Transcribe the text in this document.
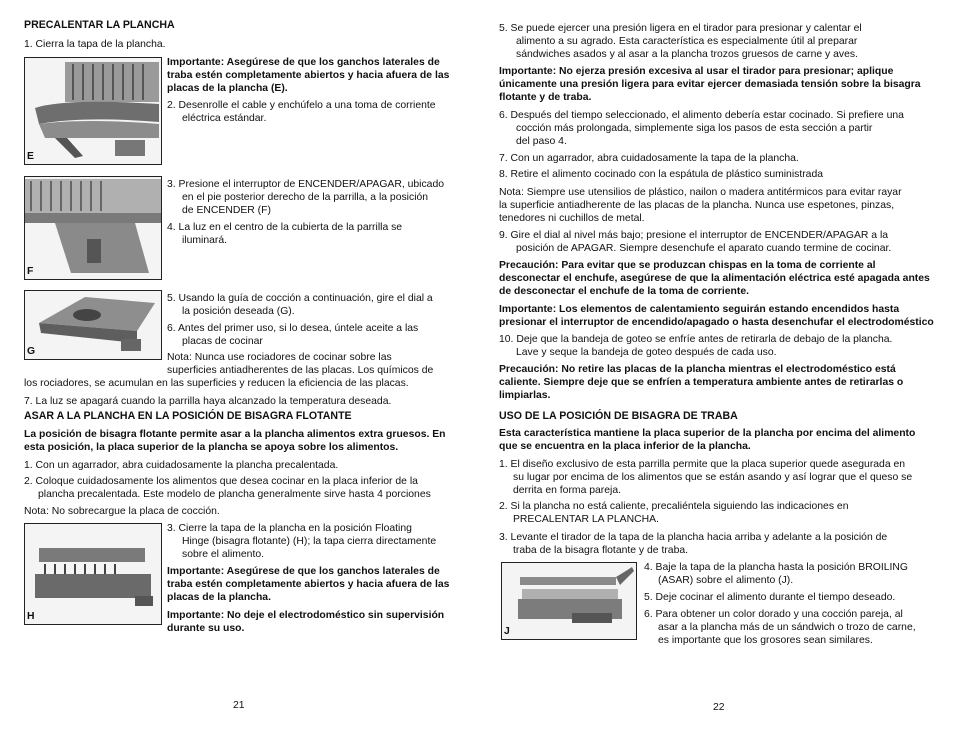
PRECALENTAR LA PLANCHA
1. Cierra la tapa de la plancha.
E
Importante: Asegúrese de que los ganchos laterales de
traba estén completamente abiertos y hacia afuera de las
placas de la plancha (E).
2. Desenrolle el cable y enchúfelo a una toma de corriente
eléctrica estándar.
F
3. Presione el interruptor de ENCENDER/APAGAR, ubicado
en el pie posterior derecho de la parrilla, a la posición
de ENCENDER (F)
4. La luz en el centro de la cubierta de la parrilla se
iluminará.
G
5. Usando la guía de cocción a continuación, gire el dial a
la posición deseada (G).
6. Antes del primer uso, si lo desea, úntele aceite a las
placas de cocinar
Nota: Nunca use rociadores de cocinar sobre las
superficies antiadherentes de las placas. Los químicos de
los rociadores, se acumulan en las superficies y reducen la eficiencia de las placas.
7. La luz se apagará cuando la parrilla haya alcanzado la temperatura deseada.
ASAR A LA PLANCHA EN LA POSICIÓN DE BISAGRA FLOTANTE
La posición de bisagra flotante permite asar a la plancha alimentos extra gruesos. En
esta posición, la placa superior de la plancha se apoya sobre los alimentos.
1. Con un agarrador, abra cuidadosamente la plancha precalentada.
2. Coloque cuidadosamente los alimentos que desea cocinar en la placa inferior de la
plancha precalentada. Este modelo de plancha generalmente sirve hasta 4 porciones
Nota: No sobrecargue la placa de cocción.
H
3. Cierre la tapa de la plancha en la posición Floating
Hinge (bisagra flotante) (H); la tapa cierra directamente
sobre el alimento.
Importante: Asegúrese de que los ganchos laterales de
traba estén completamente abiertos y hacia afuera de las
placas de la plancha.
Importante: No deje el electrodoméstico sin supervisión
durante su uso.
21
5. Se puede ejercer una presión ligera en el tirador para presionar y calentar el
alimento a su agrado. Esta característica es especialmente útil al preparar
sándwiches asados y al asar a la plancha trozos gruesos de carne y aves.
Importante: No ejerza presión excesiva al usar el tirador para presionar; aplique
únicamente una presión ligera para evitar ejercer demasiada tensión sobre la bisagra
flotante y de traba.
6. Después del tiempo seleccionado, el alimento debería estar cocinado. Si prefiere una
cocción más prolongada, simplemente siga los pasos de esta sección a partir
del paso 4.
7. Con un agarrador, abra cuidadosamente la tapa de la plancha.
8. Retire el alimento cocinado con la espátula de plástico suministrada
Nota: Siempre use utensilios de plástico, nailon o madera antitérmicos para evitar rayar
la superficie antiadherente de las placas de la plancha. Nunca use espetones, pinzas,
tenedores ni cuchillos de metal.
9. Gire el dial al nivel más bajo; presione el interruptor de ENCENDER/APAGAR a la
posición de APAGAR. Siempre desenchufe el aparato cuando termine de cocinar.
Precaución: Para evitar que se produzcan chispas en la toma de corriente al
desconectar el enchufe, asegúrese de que la alimentación eléctrica esté apagada antes
de desconectar el enchufe de la toma de corriente.
Importante: Los elementos de calentamiento seguirán estando encendidos hasta
presionar el interruptor de encendido/apagado o hasta desenchufar el electrodoméstico
10. Deje que la bandeja de goteo se enfríe antes de retirarla de debajo de la plancha.
Lave y seque la bandeja de goteo después de cada uso.
Precaución: No retire las placas de la plancha mientras el electrodoméstico está
caliente. Siempre deje que se enfríen a temperatura ambiente antes de retirarlas o
limpiarlas.
USO DE LA POSICIÓN DE BISAGRA DE TRABA
Esta característica mantiene la placa superior de la plancha por encima del alimento
que se encuentra en la placa inferior de la plancha.
1. El diseño exclusivo de esta parrilla permite que la placa superior quede asegurada en
su lugar por encima de los alimentos que se están asando y así lograr que el queso se
derrita en forma pareja.
2. Si la plancha no está caliente, precaliéntela siguiendo las indicaciones en
PRECALENTAR LA PLANCHA.
3. Levante el tirador de la tapa de la plancha hacia arriba y adelante a la posición de
traba de la bisagra flotante y de traba.
J
4. Baje la tapa de la plancha hasta la posición BROILING
(ASAR) sobre el alimento (J).
5. Deje cocinar el alimento durante el tiempo deseado.
6. Para obtener un color dorado y una cocción pareja, al
asar a la plancha más de un sándwich o trozo de carne,
es importante que los grosores sean similares.
22
